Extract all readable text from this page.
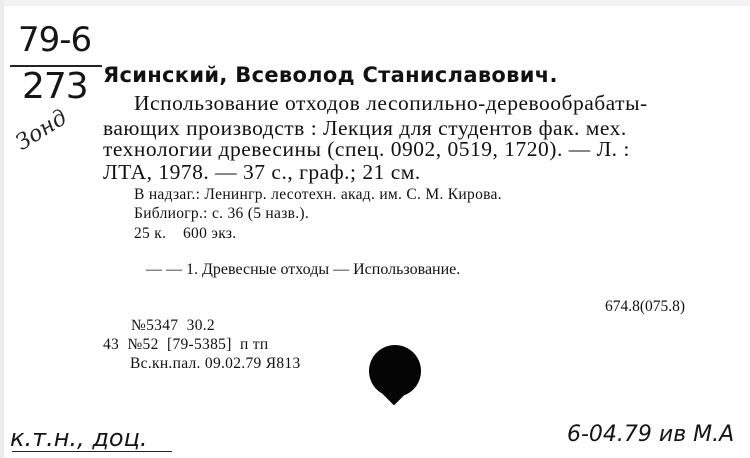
79-6
273
Зонд
Ясинский, Всеволод Станиславович.
Использование отходов лесопильно-деревообрабаты-
вающих производств : Лекция для студентов фак. мех.
технологии древесины (спец. 0902, 0519, 1720). — Л. :
ЛТА, 1978. — 37 с., граф.; 21 см.
В надзаг.: Ленингр. лесотехн. акад. им. С. М. Кирова.
Библиогр.: с. 36 (5 назв.).
25 к.    600 экз.
— — 1. Древесные отходы — Использование.
674.8(075.8)
№5347  30.2
43  №52  [79-5385]  п тп
Вс.кн.пал. 09.02.79 Я813
к.т.н., доц.	6-04.79 ив М.А
